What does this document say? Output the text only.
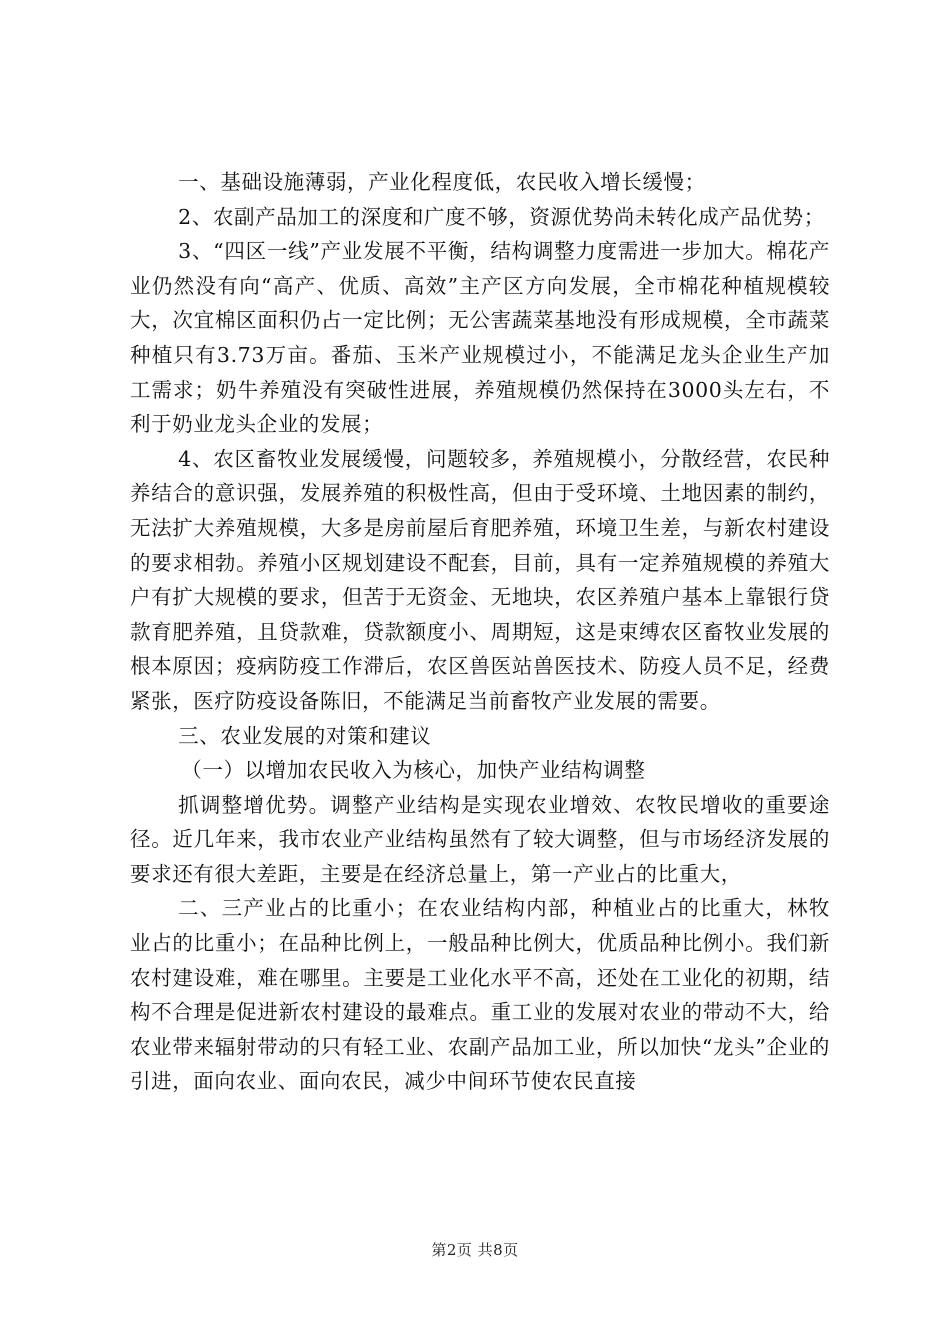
一、基础设施薄弱，产业化程度低，农民收入增长缓慢；

2、农副产品加工的深度和广度不够，资源优势尚未转化成产品优势；

3、“四区一线”产业发展不平衡，结构调整力度需进一步加大。棉花产业仍然没有向“高产、优质、高效”主产区方向发展，全市棉花种植规模较大，次宜棉区面积仍占一定比例；无公害蔬菜基地没有形成规模，全市蔬菜种植只有3.73万亩。番茄、玉米产业规模过小，不能满足龙头企业生产加工需求；奶牛养殖没有突破性进展，养殖规模仍然保持在3000头左右，不利于奶业龙头企业的发展；

4、农区畜牧业发展缓慢，问题较多，养殖规模小，分散经营，农民种养结合的意识强，发展养殖的积极性高，但由于受环境、土地因素的制约，无法扩大养殖规模，大多是房前屋后育肥养殖，环境卫生差，与新农村建设的要求相勃。养殖小区规划建设不配套，目前，具有一定养殖规模的养殖大户有扩大规模的要求，但苦于无资金、无地块，农区养殖户基本上靠银行贷款育肥养殖，且贷款难，贷款额度小、周期短，这是束缚农区畜牧业发展的根本原因；疫病防疫工作滞后，农区兽医站兽医技术、防疫人员不足，经费紧张，医疗防疫设备陈旧，不能满足当前畜牧产业发展的需要。

三、农业发展的对策和建议

（一）以增加农民收入为核心，加快产业结构调整

抓调整增优势。调整产业结构是实现农业增效、农牧民增收的重要途径。近几年来，我市农业产业结构虽然有了较大调整，但与市场经济发展的要求还有很大差距，主要是在经济总量上，第一产业占的比重大，

二、三产业占的比重小；在农业结构内部，种植业占的比重大，林牧业占的比重小；在品种比例上，一般品种比例大，优质品种比例小。我们新农村建设难，难在哪里。主要是工业化水平不高，还处在工业化的初期，结构不合理是促进新农村建设的最难点。重工业的发展对农业的带动不大，给农业带来辐射带动的只有轻工业、农副产品加工业，所以加快“龙头”企业的引进，面向农业、面向农民，减少中间环节使农民直接

第2页 共8页
